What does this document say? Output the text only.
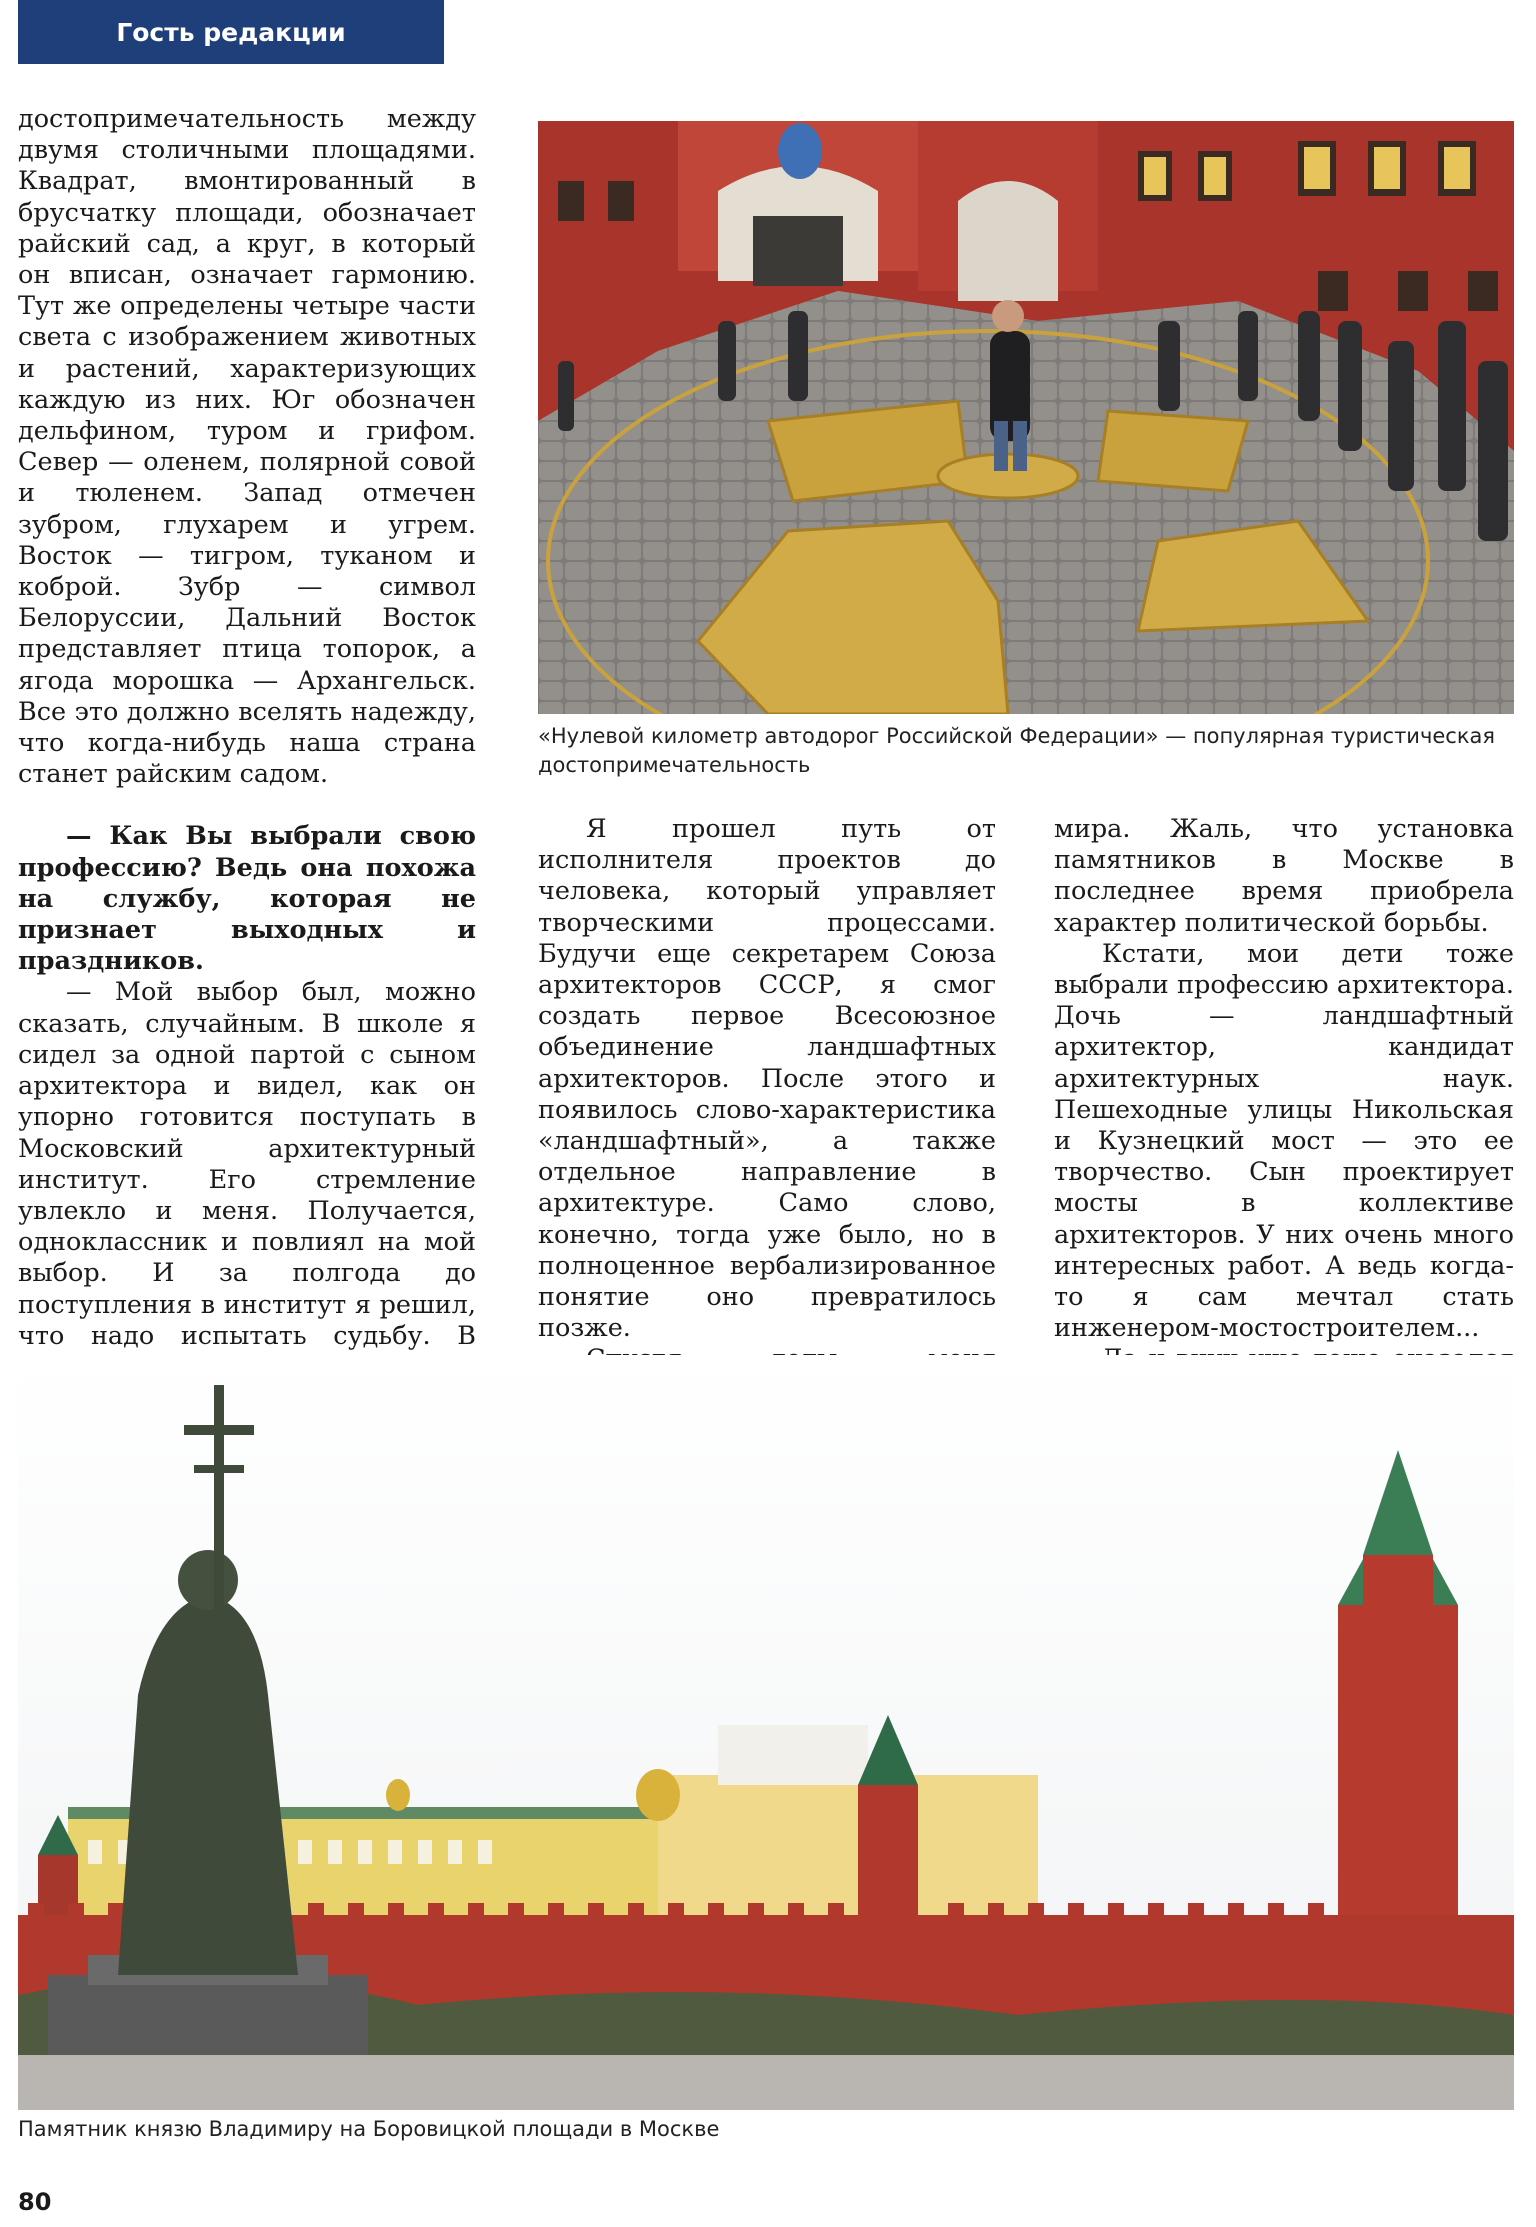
Гость редакции

достопримечательность между двумя столичными площадями. Квадрат, вмонтированный в брусчатку площади, обозначает райский сад, а круг, в который он вписан, означает гармонию. Тут же определены четыре части света с изображением животных и растений, характеризующих каждую из них. Юг обозначен дельфином, туром и грифом. Север — оленем, полярной совой и тюленем. Запад отмечен зубром, глухарем и угрем. Восток — тигром, туканом и коброй. Зубр — символ Белоруссии, Дальний Восток представляет птица топорок, а ягода морошка — Архангельск. Все это должно вселять надежду, что когда-нибудь наша страна станет райским садом.

— Как Вы выбрали свою профессию? Ведь она похожа на службу, которая не признает выходных и праздников.

— Мой выбор был, можно сказать, случайным. В школе я сидел за одной партой с сыном архитектора и видел, как он упорно готовится поступать в Московский архитектурный институт. Его стремление увлекло и меня. Получается, одноклассник и повлиял на мой выбор. И за полгода до поступления в институт я решил, что надо испытать судьбу. В

«Нулевой километр автодорог Российской Федерации» — популярная туристическая достопримечательность

Я прошел путь от исполнителя проектов до человека, который управляет творческими процессами. Будучи еще секретарем Союза архитекторов СССР, я смог создать первое Всесоюзное объединение ландшафтных архитекторов. После этого и появилось слово-характеристика «ландшафтный», а также отдельное направление в архитектуре. Само слово, конечно, тогда уже было, но в полноценное вербализированное понятие оно превратилось позже.

мира. Жаль, что установка памятников в Москве в последнее время приобрела характер политической борьбы.

Кстати, мои дети тоже выбрали профессию архитектора. Дочь — ландшафтный архитектор, кандидат архитектурных наук. Пешеходные улицы Никольская и Кузнецкий мост — это ее творчество. Сын проектирует мосты в коллективе архитекторов. У них очень много интересных работ. А ведь когда-то я сам мечтал стать инженером-мостостроителем...

Памятник князю Владимиру на Боровицкой площади в Москве
80
